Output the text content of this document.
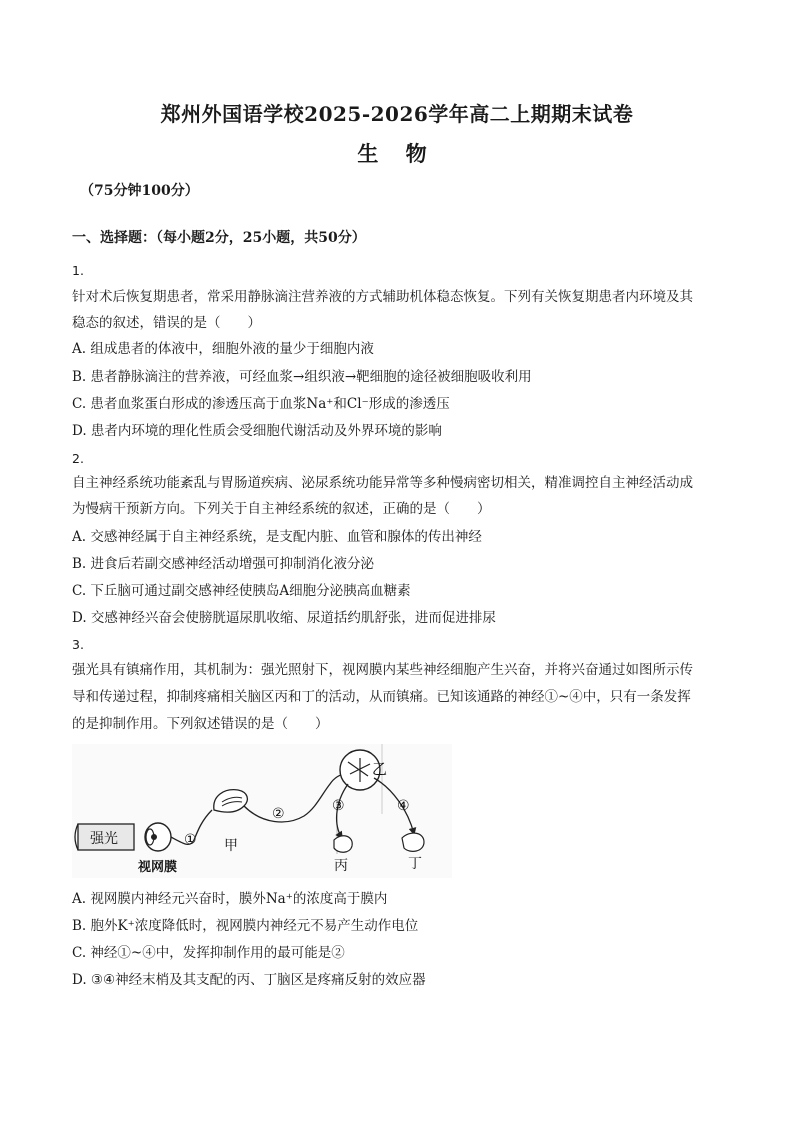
郑州外国语学校2025-2026学年高二上期期末试卷
生 物
（75分钟100分）
一、选择题：（每小题2分，25小题，共50分）
1.
针对术后恢复期患者，常采用静脉滴注营养液的方式辅助机体稳态恢复。下列有关恢复期患者内环境及其
稳态的叙述，错误的是（　　）
A. 组成患者的体液中，细胞外液的量少于细胞内液
B. 患者静脉滴注的营养液，可经血浆→组织液→靶细胞的途径被细胞吸收利用
C. 患者血浆蛋白形成的渗透压高于血浆Na⁺和Cl⁻形成的渗透压
D. 患者内环境的理化性质会受细胞代谢活动及外界环境的影响
2.
自主神经系统功能紊乱与胃肠道疾病、泌尿系统功能异常等多种慢病密切相关，精准调控自主神经活动成
为慢病干预新方向。下列关于自主神经系统的叙述，正确的是（　　）
A. 交感神经属于自主神经系统，是支配内脏、血管和腺体的传出神经
B. 进食后若副交感神经活动增强可抑制消化液分泌
C. 下丘脑可通过副交感神经使胰岛A细胞分泌胰高血糖素
D. 交感神经兴奋会使膀胱逼尿肌收缩、尿道括约肌舒张，进而促进排尿
3.
强光具有镇痛作用，其机制为：强光照射下，视网膜内某些神经细胞产生兴奋，并将兴奋通过如图所示传
导和传递过程，抑制疼痛相关脑区丙和丁的活动，从而镇痛。已知该通路的神经①~④中，只有一条发挥
的是抑制作用。下列叙述错误的是（　　）
强光
视网膜
① 甲
②
乙
③
丙
④
丁
A. 视网膜内神经元兴奋时，膜外Na⁺的浓度高于膜内
B. 胞外K⁺浓度降低时，视网膜内神经元不易产生动作电位
C. 神经①~④中，发挥抑制作用的最可能是②
D. ③④神经末梢及其支配的丙、丁脑区是疼痛反射的效应器
